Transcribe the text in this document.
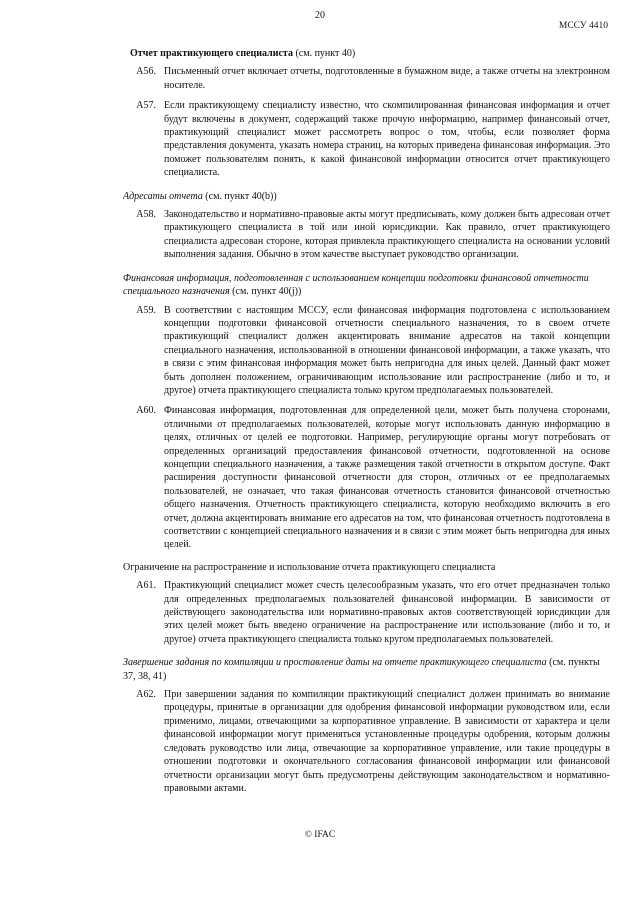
20
МССУ 4410
Отчет практикующего специалиста (см. пункт 40)
A56. Письменный отчет включает отчеты, подготовленные в бумажном виде, а также отчеты на электронном носителе.
A57. Если практикующему специалисту известно, что скомпилированная финансовая информация и отчет будут включены в документ, содержащий также прочую информацию, например финансовый отчет, практикующий специалист может рассмотреть вопрос о том, чтобы, если позволяет форма представления документа, указать номера страниц, на которых приведена финансовая информация. Это поможет пользователям понять, к какой финансовой информации относится отчет практикующего специалиста.
Адресаты отчета (см. пункт 40(b))
A58. Законодательство и нормативно-правовые акты могут предписывать, кому должен быть адресован отчет практикующего специалиста в той или иной юрисдикции. Как правило, отчет практикующего специалиста адресован стороне, которая привлекла практикующего специалиста на основании условий выполнения задания. Обычно в этом качестве выступает руководство организации.
Финансовая информация, подготовленная с использованием концепции подготовки финансовой отчетности специального назначения (см. пункт 40(j))
A59. В соответствии с настоящим МССУ, если финансовая информация подготовлена с использованием концепции подготовки финансовой отчетности специального назначения, то в своем отчете практикующий специалист должен акцентировать внимание адресатов на такой концепции специального назначения, использованной в отношении финансовой информации, а также указать, что в связи с этим финансовая информация может быть непригодна для иных целей. Данный факт может быть дополнен положением, ограничивающим использование или распространение (либо и то, и другое) отчета практикующего специалиста только кругом предполагаемых пользователей.
A60. Финансовая информация, подготовленная для определенной цели, может быть получена сторонами, отличными от предполагаемых пользователей, которые могут использовать данную информацию в целях, отличных от целей ее подготовки. Например, регулирующие органы могут потребовать от определенных организаций предоставления финансовой отчетности, подготовленной на основе концепции специального назначения, а также размещения такой отчетности в открытом доступе. Факт расширения доступности финансовой отчетности для сторон, отличных от ее предполагаемых пользователей, не означает, что такая финансовая отчетность становится финансовой отчетностью общего назначения. Отчетность практикующего специалиста, которую необходимо включить в его отчет, должна акцентировать внимание его адресатов на том, что финансовая отчетность подготовлена в соответствии с концепцией специального назначения и в связи с этим может быть непригодна для иных целей.
Ограничение на распространение и использование отчета практикующего специалиста
A61. Практикующий специалист может счесть целесообразным указать, что его отчет предназначен только для определенных предполагаемых пользователей финансовой информации. В зависимости от действующего законодательства или нормативно-правовых актов соответствующей юрисдикции для этих целей может быть введено ограничение на распространение или использование (либо и то, и другое) отчета практикующего специалиста только кругом предполагаемых пользователей.
Завершение задания по компиляции и проставление даты на отчете практикующего специалиста (см. пункты 37, 38, 41)
A62. При завершении задания по компиляции практикующий специалист должен принимать во внимание процедуры, принятые в организации для одобрения финансовой информации руководством или, если применимо, лицами, отвечающими за корпоративное управление. В зависимости от характера и цели финансовой информации могут применяться установленные процедуры одобрения, которым должны следовать руководство или лица, отвечающие за корпоративное управление, или такие процедуры в отношении подготовки и окончательного согласования финансовой информации или финансовой отчетности организации могут быть предусмотрены действующим законодательством и нормативно-правовыми актами.
© IFAC
